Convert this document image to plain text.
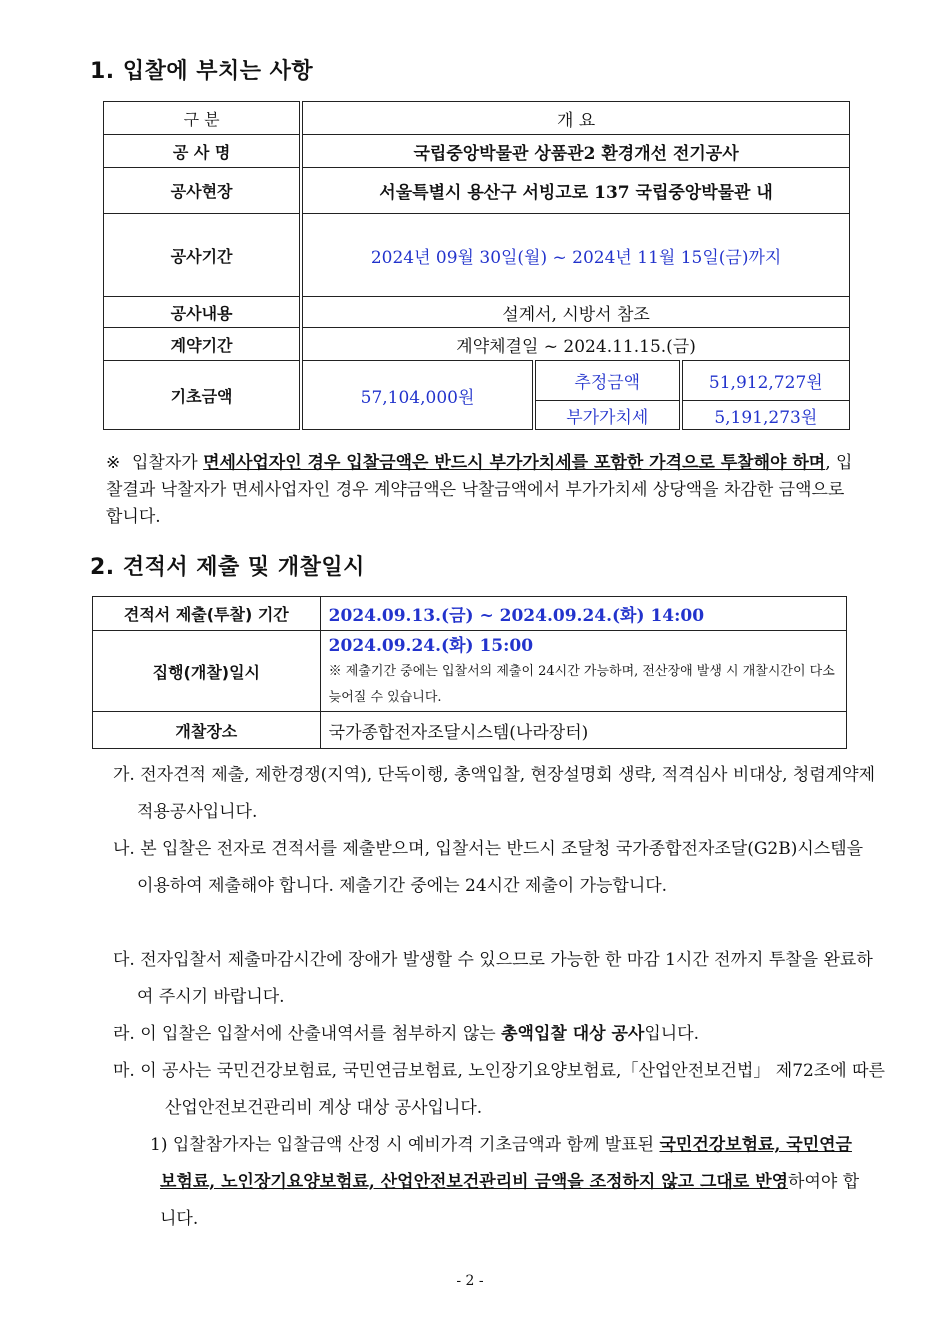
1. 입찰에 부치는 사항
구 분	개 요		
공 사 명	국립중앙박물관 상품관2 환경개선 전기공사		
공사현장	서울특별시 용산구 서빙고로 137 국립중앙박물관 내		
공사기간	2024년 09월 30일(월) ~ 2024년 11월 15일(금)까지		
공사내용	설계서, 시방서 참조		
계약기간	계약체결일 ~ 2024.11.15.(금)		
기초금액	57,104,000원	추정금액	51,912,727원
		부가가치세	5,191,273원
※ 입찰자가 면세사업자인 경우 입찰금액은 반드시 부가가치세를 포함한 가격으로 투찰해야 하며, 입찰결과 낙찰자가 면세사업자인 경우 계약금액은 낙찰금액에서 부가가치세 상당액을 차감한 금액으로 합니다.
2. 견적서 제출 및 개찰일시
견적서 제출(투찰) 기간	2024.09.13.(금) ~ 2024.09.24.(화) 14:00
집행(개찰)일시	2024.09.24.(화) 15:00
※ 제출기간 중에는 입찰서의 제출이 24시간 가능하며, 전산장애 발생 시 개찰시간이 다소 늦어질 수 있습니다.

개찰장소	국가종합전자조달시스템(나라장터)
가. 전자견적 제출, 제한경쟁(지역), 단독이행, 총액입찰, 현장설명회 생략, 적격심사 비대상, 청렴계약제 적용공사입니다.
나. 본 입찰은 전자로 견적서를 제출받으며, 입찰서는 반드시 조달청 국가종합전자조달(G2B)시스템을 이용하여 제출해야 합니다. 제출기간 중에는 24시간 제출이 가능합니다.
다. 전자입찰서 제출마감시간에 장애가 발생할 수 있으므로 가능한 한 마감 1시간 전까지 투찰을 완료하여 주시기 바랍니다.
라. 이 입찰은 입찰서에 산출내역서를 첨부하지 않는 총액입찰 대상 공사입니다.
마. 이 공사는 국민건강보험료, 국민연금보험료, 노인장기요양보험료,「산업안전보건법」 제72조에 따른 산업안전보건관리비 계상 대상 공사입니다.
1) 입찰참가자는 입찰금액 산정 시 예비가격 기초금액과 함께 발표된 국민건강보험료, 국민연금보험료, 노인장기요양보험료, 산업안전보건관리비 금액을 조정하지 않고 그대로 반영하여야 합니다.
- 2 -
